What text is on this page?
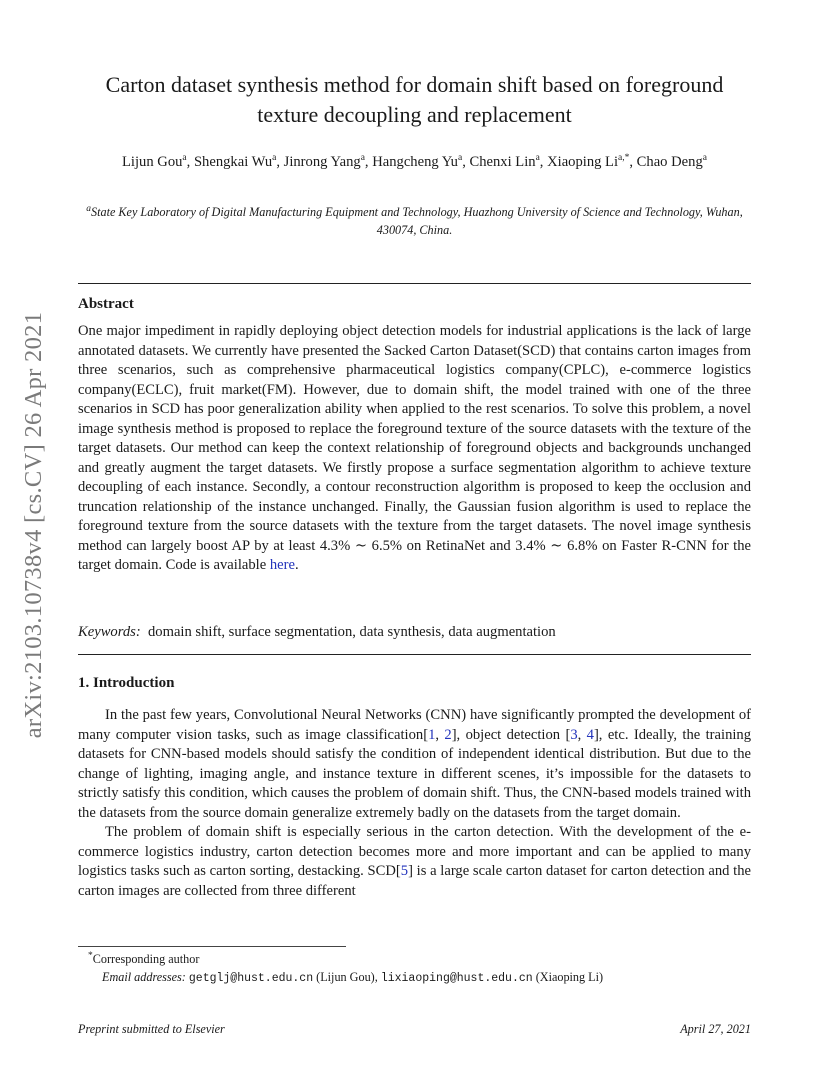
arXiv:2103.10738v4 [cs.CV] 26 Apr 2021
Carton dataset synthesis method for domain shift based on foreground texture decoupling and replacement
Lijun Gou$^a$, Shengkai Wu$^a$, Jinrong Yang$^a$, Hangcheng Yu$^a$, Chenxi Lin$^a$, Xiaoping $Li^{a,*}$, Chao Deng$^a$
$^a$State Key Laboratory of Digital Manufacturing Equipment and Technology, Huazhong University of Science and Technology, Wuhan, 430074, China.
Abstract
One major impediment in rapidly deploying object detection models for industrial applications is the lack of large annotated datasets. We currently have presented the Sacked Carton Dataset(SCD) that contains carton images from three scenarios, such as comprehensive pharmaceutical logistics company(CPLC), e-commerce logistics company(ECLC), fruit market(FM). However, due to domain shift, the model trained with one of the three scenarios in SCD has poor generalization ability when applied to the rest scenarios. To solve this problem, a novel image synthesis method is proposed to replace the foreground texture of the source datasets with the texture of the target datasets. Our method can keep the context relationship of foreground objects and backgrounds unchanged and greatly augment the target datasets. We firstly propose a surface segmentation algorithm to achieve texture decoupling of each instance. Secondly, a contour reconstruction algorithm is proposed to keep the occlusion and truncation relationship of the instance unchanged. Finally, the Gaussian fusion algorithm is used to replace the foreground texture from the source datasets with the texture from the target datasets. The novel image synthesis method can largely boost AP by at least 4.3% ∼ 6.5% on RetinaNet and 3.4% ∼ 6.8% on Faster R-CNN for the target domain. Code is available here.
Keywords: domain shift, surface segmentation, data synthesis, data augmentation
1. Introduction

In the past few years, Convolutional Neural Networks (CNN) have significantly prompted the development of many computer vision tasks, such as image classification[1, 2], object detection [3, 4], etc. Ideally, the training datasets for CNN-based models should satisfy the condition of independent identical distribution. But due to the change of lighting, imaging angle, and instance texture in different scenes, it’s impossible for the datasets to strictly satisfy this condition, which causes the problem of domain shift. Thus, the CNN-based models trained with the datasets from the source domain generalize extremely badly on the datasets from the target domain.

The problem of domain shift is especially serious in the carton detection. With the development of the e-commerce logistics industry, carton detection becomes more and more important and can be applied to many logistics tasks such as carton sorting, destacking. SCD[5] is a large scale carton dataset for carton detection and the carton images are collected from three different

*Corresponding author
Email addresses: getglj@hust.edu.cn (Lijun Gou), lixiaoping@hust.edu.cn (Xiaoping Li)
Preprint submitted to Elsevier	April 27, 2021
